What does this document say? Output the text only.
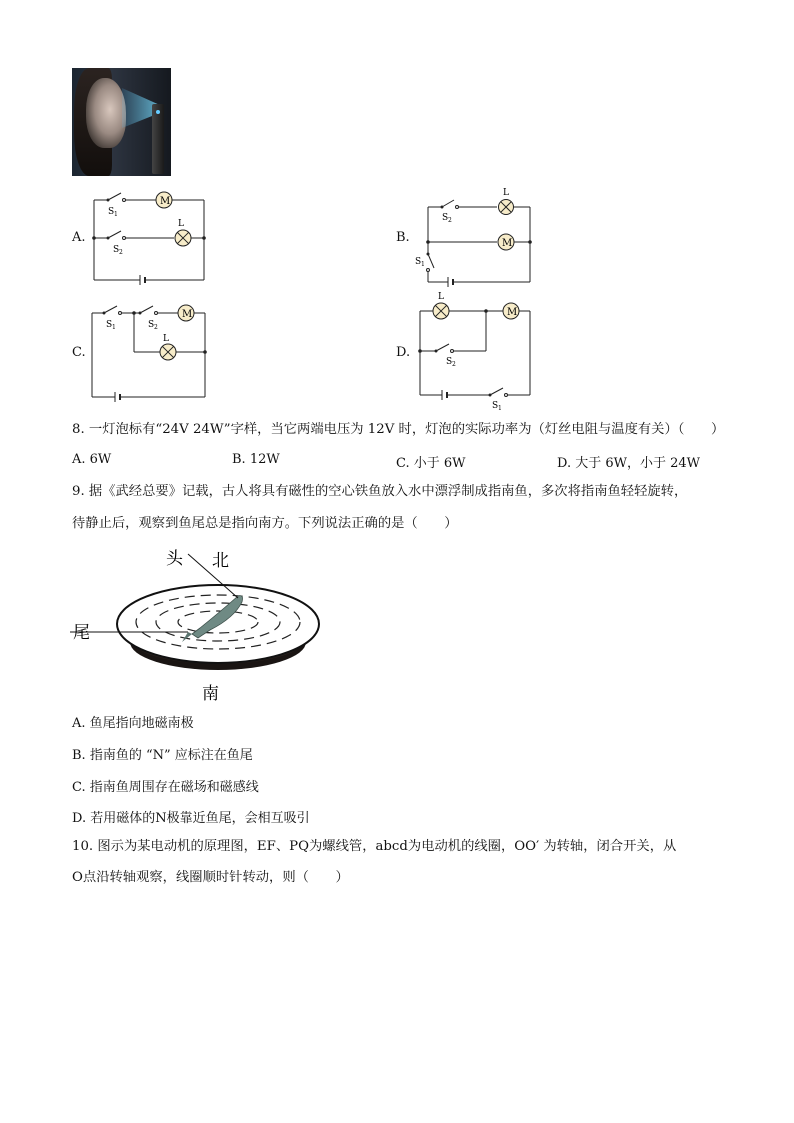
A.
M
L
S 1
S 2
B.	M
L
S 2
S 1
C.
M
L
S 1	S 2
D.
M
L
S 2
S 1
8. 一灯泡标有“24V 24W”字样，当它两端电压为 12V 时，灯泡的实际功率为（灯丝电阻与温度有关）（　　）
A. 6W	B. 12W	C. 小于 6W	D. 大于 6W，小于 24W
9. 据《武经总要》记载，古人将具有磁性的空心铁鱼放入水中漂浮制成指南鱼，多次将指南鱼轻轻旋转，
待静止后，观察到鱼尾总是指向南方。下列说法正确的是（　　）
头 北
尾
南
A. 鱼尾指向地磁南极
B. 指南鱼的 “N” 应标注在鱼尾
C. 指南鱼周围存在磁场和磁感线
D. 若用磁体的N极靠近鱼尾，会相互吸引
10. 图示为某电动机的原理图，EF、PQ为螺线管，abcd为电动机的线圈，OO′ 为转轴，闭合开关，从
O点沿转轴观察，线圈顺时针转动，则（　　）
